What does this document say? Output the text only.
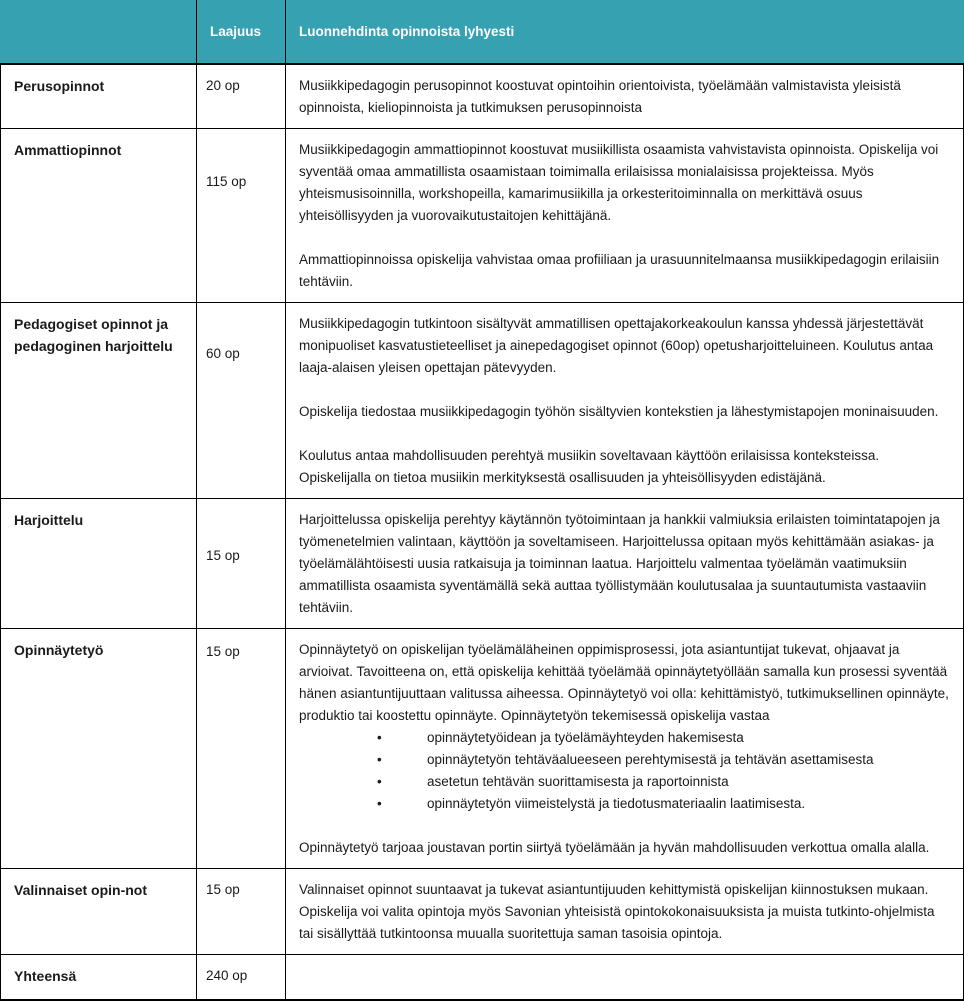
	Laajuus	Luonnehdinta opinnoista lyhyesti
Perusopinnot	20 op	Musiikkipedagogin perusopinnot koostuvat opintoihin orientoivista, työelämään valmistavista yleisistä opinnoista, kieliopinnoista ja tutkimuksen perusopinnoista

Ammattiopinnot	115 op	Musiikkipedagogin ammattiopinnot koostuvat musiikillista osaamista vahvistavista opinnoista. Opiskelija voi syventää omaa ammatillista osaamistaan toimimalla erilaisissa monialaisissa projekteissa. Myös yhteismusisoinnilla, workshopeilla, kamarimusiikilla ja orkesteritoiminnalla on merkittävä osuus yhteisöllisyyden ja vuorovaikutustaitojen kehittäjänä.

Ammattiopinnoissa opiskelija vahvistaa omaa profiiliaan ja urasuunnitelmaansa musiikkipedagogin erilaisiin tehtäviin.

Pedagogiset opinnot ja pedagoginen harjoittelu	60 op	Musiikkipedagogin tutkintoon sisältyvät ammatillisen opettajakorkeakoulun kanssa yhdessä järjestettävät monipuoliset kasvatustieteelliset ja ainepedagogiset opinnot (60op) opetusharjoitteluineen. Koulutus antaa laaja-alaisen yleisen opettajan pätevyyden.

Opiskelija tiedostaa musiikkipedagogin työhön sisältyvien kontekstien ja lähestymistapojen moninaisuuden.

Koulutus antaa mahdollisuuden perehtyä musiikin soveltavaan käyttöön erilaisissa konteksteissa. Opiskelijalla on tietoa musiikin merkityksestä osallisuuden ja yhteisöllisyyden edistäjänä.

Harjoittelu	15 op	Harjoittelussa opiskelija perehtyy käytännön työtoimintaan ja hankkii valmiuksia erilaisten toimintatapojen ja työmenetelmien valintaan, käyttöön ja soveltamiseen. Harjoittelussa opitaan myös kehittämään asiakas- ja työelämälähtöisesti uusia ratkaisuja ja toiminnan laatua. Harjoittelu valmentaa työelämän vaatimuksiin ammatillista osaamista syventämällä sekä auttaa työllistymään koulutusalaa ja suuntautumista vastaaviin tehtäviin.

Opinnäytetyö	15 op	Opinnäytetyö on opiskelijan työelämäläheinen oppimisprosessi, jota asiantuntijat tukevat, ohjaavat ja arvioivat. Tavoitteena on, että opiskelija kehittää työelämää opinnäytetyöllään samalla kun prosessi syventää hänen asiantuntijuuttaan valitussa aiheessa. Opinnäytetyö voi olla: kehittämistyö, tutkimuksellinen opinnäyte, produktio tai koostettu opinnäyte. Opinnäytetyön tekemisessä opiskelija vastaa

•	opinnäytetyöidean ja työelämäyhteyden hakemisesta
•	opinnäytetyön tehtäväalueeseen perehtymisestä ja tehtävän asettamisesta
•	asetetun tehtävän suorittamisesta ja raportoinnista
•	opinnäytetyön viimeistelystä ja tiedotusmateriaalin laatimisesta.

Opinnäytetyö tarjoaa joustavan portin siirtyä työelämään ja hyvän mahdollisuuden verkottua omalla alalla.

Valinnaiset opin-not	15 op	Valinnaiset opinnot suuntaavat ja tukevat asiantuntijuuden kehittymistä opiskelijan kiinnostuksen mukaan. Opiskelija voi valita opintoja myös Savonian yhteisistä opintokokonaisuuksista ja muista tutkinto-ohjelmista tai sisällyttää tutkintoonsa muualla suoritettuja saman tasoisia opintoja.

Yhteensä	240 op	
